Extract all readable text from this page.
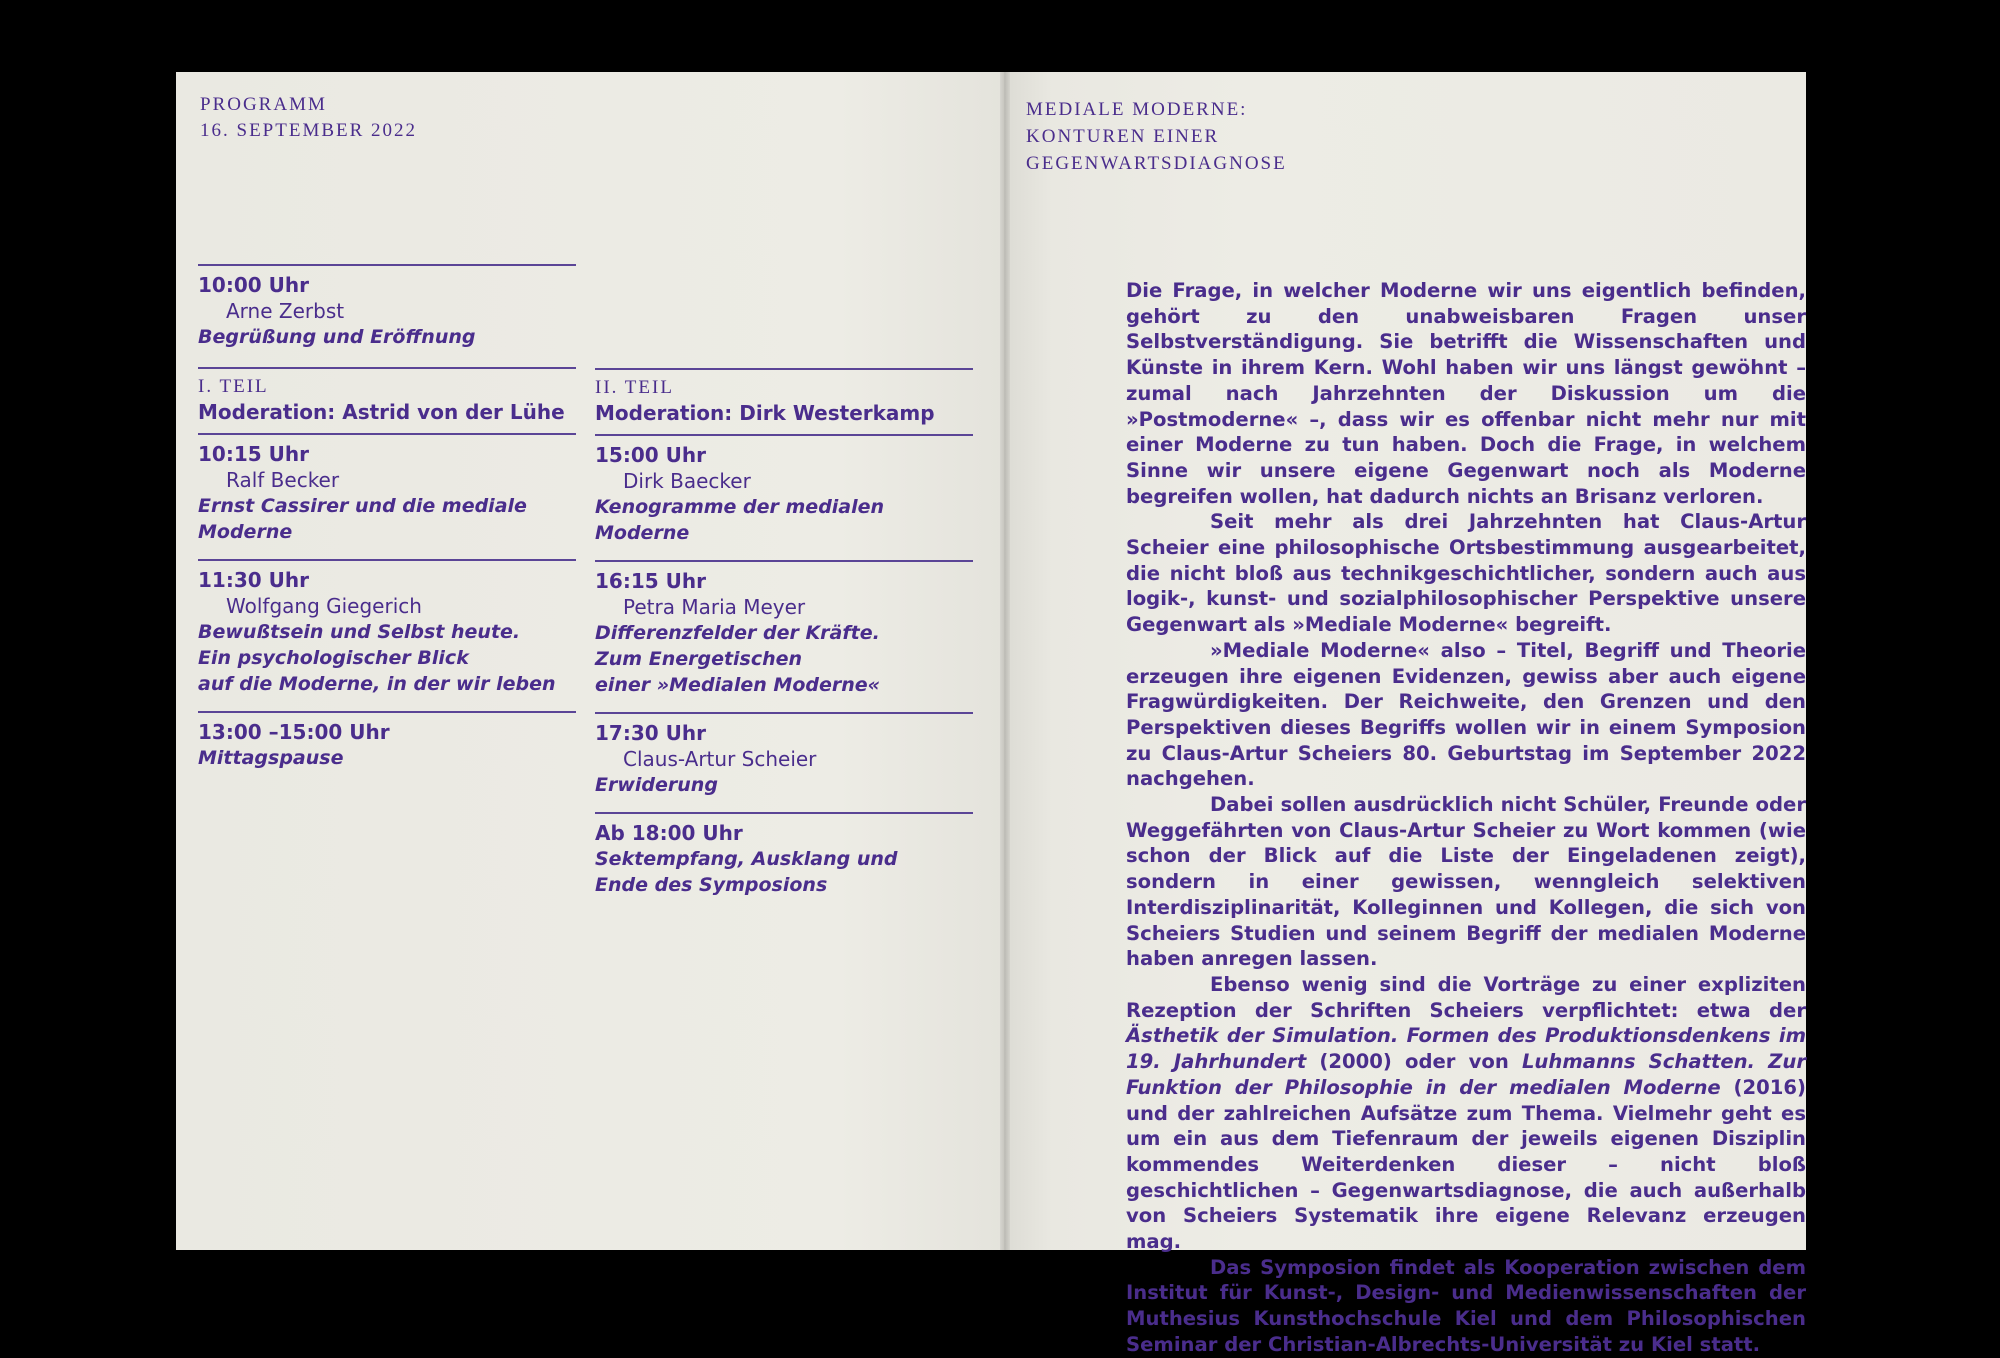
PROGRAMM
16. SEPTEMBER 2022
10:00 Uhr
Arne Zerbst
Begrüßung und Eröffnung
I. TEIL
Moderation: Astrid von der Lühe
10:15 Uhr
Ralf Becker
Ernst Cassirer und die mediale
Moderne
11:30 Uhr
Wolfgang Giegerich
Bewußtsein und Selbst heute.
Ein psychologischer Blick
auf die Moderne, in der wir leben
13:00 –15:00 Uhr
Mittagspause
II. TEIL
Moderation: Dirk Westerkamp
15:00 Uhr
Dirk Baecker
Kenogramme der medialen
Moderne
16:15 Uhr
Petra Maria Meyer
Differenzfelder der Kräfte.
Zum Energetischen
einer »Medialen Moderne«
17:30 Uhr
Claus-Artur Scheier
Erwiderung
Ab 18:00 Uhr
Sektempfang, Ausklang und
Ende des Symposions
MEDIALE MODERNE:
KONTUREN EINER
GEGENWARTSDIAGNOSE

Die Frage, in welcher Moderne wir uns eigentlich befinden, gehört zu den unabweisbaren Fragen unser Selbstverständigung. Sie betrifft die Wissenschaften und Künste in ihrem Kern. Wohl haben wir uns längst gewöhnt – zumal nach Jahrzehnten der Diskussion um die »Postmoderne« –, dass wir es offenbar nicht mehr nur mit einer Moderne zu tun haben. Doch die Frage, in welchem Sinne wir unsere eigene Gegenwart noch als Moderne begreifen wollen, hat dadurch nichts an Brisanz verloren.

Seit mehr als drei Jahrzehnten hat Claus-Artur Scheier eine philosophische Ortsbestimmung ausgearbeitet, die nicht bloß aus technikgeschichtlicher, sondern auch aus logik-, kunst- und sozialphilosophischer Perspektive unsere Gegenwart als »Mediale Moderne« begreift.

»Mediale Moderne« also – Titel, Begriff und Theorie erzeugen ihre eigenen Evidenzen, gewiss aber auch eigene Fragwürdigkeiten. Der Reichweite, den Grenzen und den Perspektiven dieses Begriffs wollen wir in einem Symposion zu Claus-Artur Scheiers 80. Geburtstag im September 2022 nachgehen.

Dabei sollen ausdrücklich nicht Schüler, Freunde oder Weggefährten von Claus-Artur Scheier zu Wort kommen (wie schon der Blick auf die Liste der Eingeladenen zeigt), sondern in einer gewissen, wenngleich selektiven Interdisziplinarität, Kolleginnen und Kollegen, die sich von Scheiers Studien und seinem Begriff der medialen Moderne haben anregen lassen.

Ebenso wenig sind die Vorträge zu einer expliziten Rezeption der Schriften Scheiers verpflichtet: etwa der Ästhetik der Simulation. Formen des Produktionsdenkens im 19. Jahrhundert (2000) oder von Luhmanns Schatten. Zur Funktion der Philosophie in der medialen Moderne (2016) und der zahlreichen Aufsätze zum Thema. Vielmehr geht es um ein aus dem Tiefenraum der jeweils eigenen Disziplin kommendes Weiterdenken dieser – nicht bloß geschichtlichen – Gegenwartsdiagnose, die auch außerhalb von Scheiers Systematik ihre eigene Relevanz erzeugen mag.

Das Symposion findet als Kooperation zwischen dem Institut für Kunst-, Design- und Medienwissenschaften der Muthesius Kunsthochschule Kiel und dem Philosophischen Seminar der Christian-Albrechts-Universität zu Kiel statt.
